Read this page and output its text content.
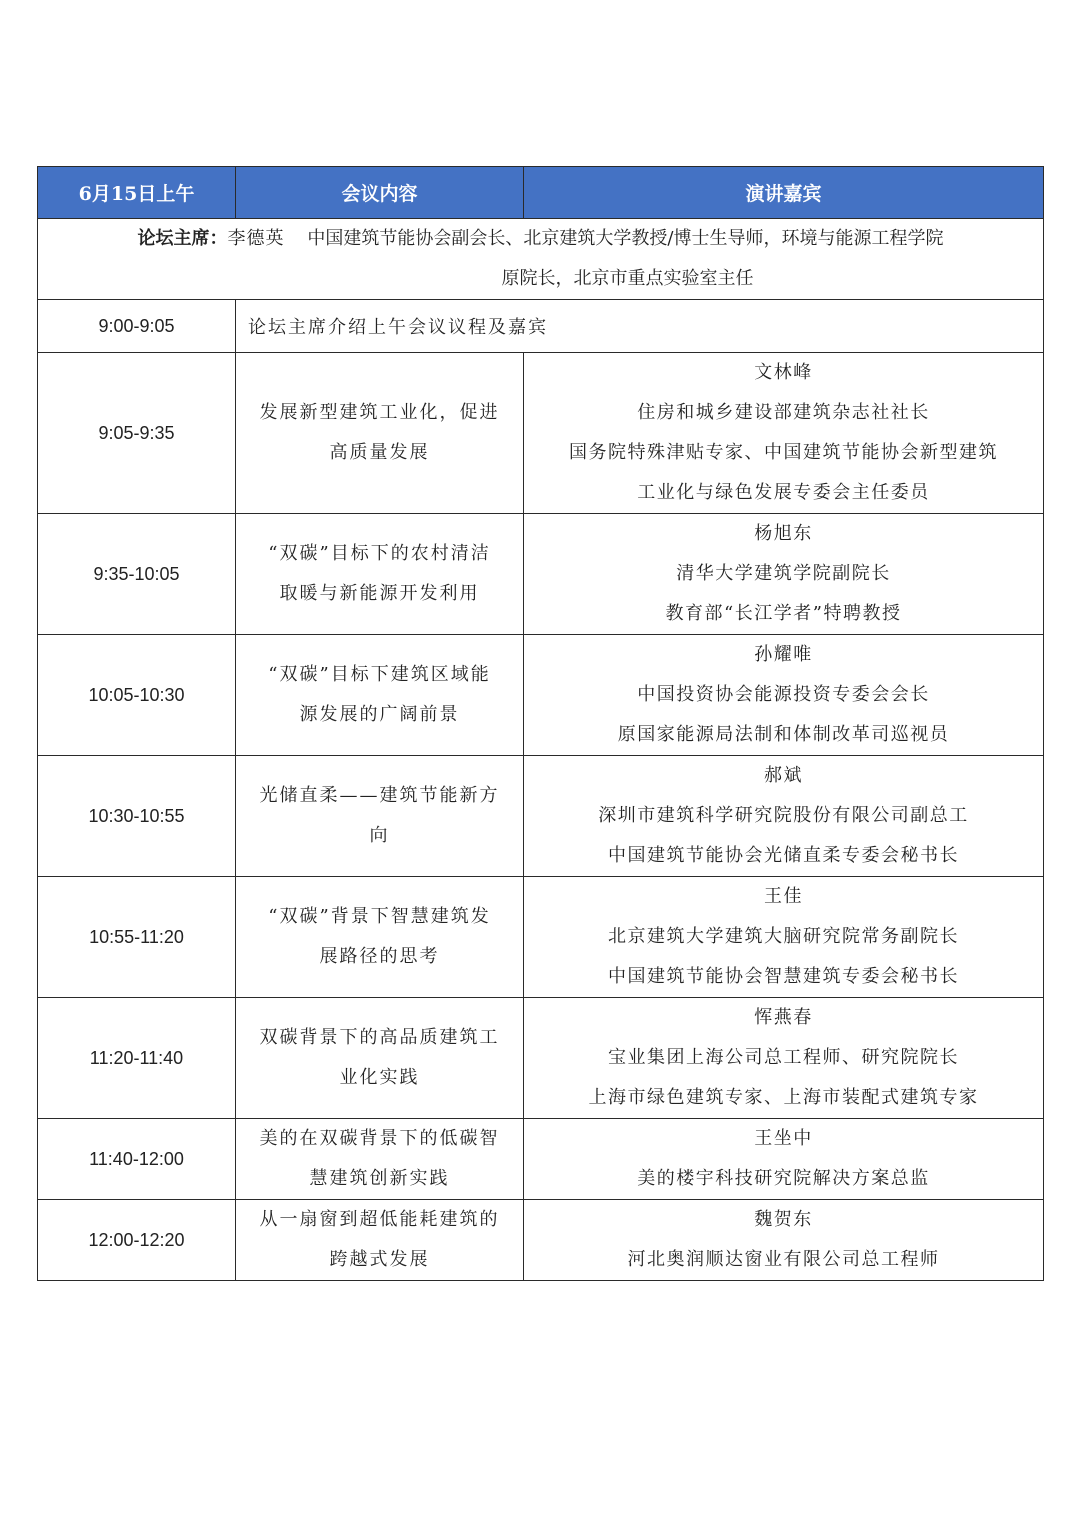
6月15日上午	会议内容	演讲嘉宾

论坛主席：李德英 中国建筑节能协会副会长、北京建筑大学教授/博士生导师，环境与能源工程学院
原院长，北京市重点实验室主任		

9:00-9:05	论坛主席介绍上午会议议程及嘉宾	
9:05-9:35	发展新型建筑工业化，促进
高质量发展	文林峰
住房和城乡建设部建筑杂志社社长
国务院特殊津贴专家、中国建筑节能协会新型建筑
工业化与绿色发展专委会主任委员

9:35-10:05	“双碳”目标下的农村清洁
取暖与新能源开发利用	杨旭东
清华大学建筑学院副院长
教育部“长江学者”特聘教授

10:05-10:30	“双碳”目标下建筑区域能
源发展的广阔前景	孙耀唯
中国投资协会能源投资专委会会长
原国家能源局法制和体制改革司巡视员

10:30-10:55	光储直柔——建筑节能新方
向	郝斌
深圳市建筑科学研究院股份有限公司副总工
中国建筑节能协会光储直柔专委会秘书长

10:55-11:20	“双碳”背景下智慧建筑发
展路径的思考	王佳
北京建筑大学建筑大脑研究院常务副院长
中国建筑节能协会智慧建筑专委会秘书长

11:20-11:40	双碳背景下的高品质建筑工
业化实践	恽燕春
宝业集团上海公司总工程师、研究院院长
上海市绿色建筑专家、上海市装配式建筑专家

11:40-12:00	美的在双碳背景下的低碳智
慧建筑创新实践	王坐中
美的楼宇科技研究院解决方案总监

12:00-12:20	从一扇窗到超低能耗建筑的
跨越式发展	魏贺东
河北奥润顺达窗业有限公司总工程师
